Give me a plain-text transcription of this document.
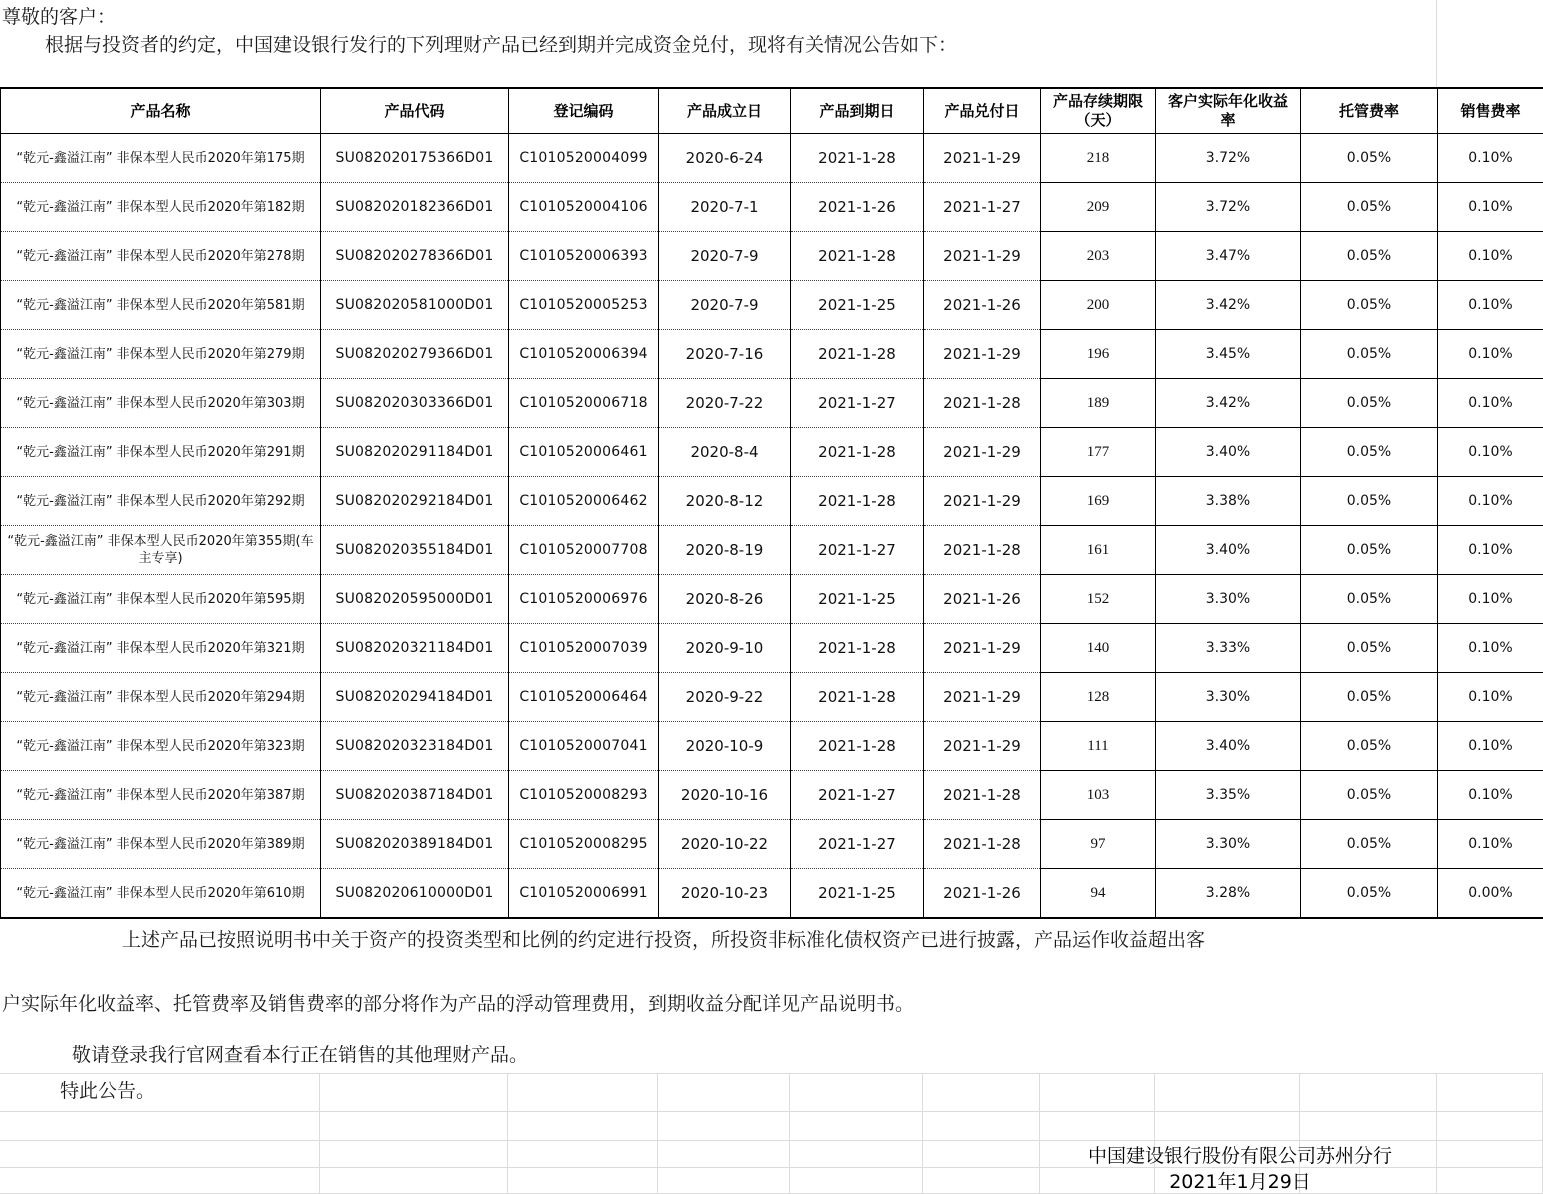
尊敬的客户：
根据与投资者的约定，中国建设银行发行的下列理财产品已经到期并完成资金兑付，现将有关情况公告如下：
产品名称	产品代码	登记编码	产品成立日	产品到期日	产品兑付日	产品存续期限（天）	客户实际年化收益率	托管费率	销售费率
“乾元-鑫溢江南” 非保本型人民币2020年第175期	SU082020175366D01	C1010520004099	2020-6-24	2021-1-28	2021-1-29	218	3.72%	0.05%	0.10%
“乾元-鑫溢江南” 非保本型人民币2020年第182期	SU082020182366D01	C1010520004106	2020-7-1	2021-1-26	2021-1-27	209	3.72%	0.05%	0.10%
“乾元-鑫溢江南” 非保本型人民币2020年第278期	SU082020278366D01	C1010520006393	2020-7-9	2021-1-28	2021-1-29	203	3.47%	0.05%	0.10%
“乾元-鑫溢江南” 非保本型人民币2020年第581期	SU082020581000D01	C1010520005253	2020-7-9	2021-1-25	2021-1-26	200	3.42%	0.05%	0.10%
“乾元-鑫溢江南” 非保本型人民币2020年第279期	SU082020279366D01	C1010520006394	2020-7-16	2021-1-28	2021-1-29	196	3.45%	0.05%	0.10%
“乾元-鑫溢江南” 非保本型人民币2020年第303期	SU082020303366D01	C1010520006718	2020-7-22	2021-1-27	2021-1-28	189	3.42%	0.05%	0.10%
“乾元-鑫溢江南” 非保本型人民币2020年第291期	SU082020291184D01	C1010520006461	2020-8-4	2021-1-28	2021-1-29	177	3.40%	0.05%	0.10%
“乾元-鑫溢江南” 非保本型人民币2020年第292期	SU082020292184D01	C1010520006462	2020-8-12	2021-1-28	2021-1-29	169	3.38%	0.05%	0.10%
“乾元-鑫溢江南” 非保本型人民币2020年第355期(车主专享)	SU082020355184D01	C1010520007708	2020-8-19	2021-1-27	2021-1-28	161	3.40%	0.05%	0.10%
“乾元-鑫溢江南” 非保本型人民币2020年第595期	SU082020595000D01	C1010520006976	2020-8-26	2021-1-25	2021-1-26	152	3.30%	0.05%	0.10%
“乾元-鑫溢江南” 非保本型人民币2020年第321期	SU082020321184D01	C1010520007039	2020-9-10	2021-1-28	2021-1-29	140	3.33%	0.05%	0.10%
“乾元-鑫溢江南” 非保本型人民币2020年第294期	SU082020294184D01	C1010520006464	2020-9-22	2021-1-28	2021-1-29	128	3.30%	0.05%	0.10%
“乾元-鑫溢江南” 非保本型人民币2020年第323期	SU082020323184D01	C1010520007041	2020-10-9	2021-1-28	2021-1-29	111	3.40%	0.05%	0.10%
“乾元-鑫溢江南” 非保本型人民币2020年第387期	SU082020387184D01	C1010520008293	2020-10-16	2021-1-27	2021-1-28	103	3.35%	0.05%	0.10%
“乾元-鑫溢江南” 非保本型人民币2020年第389期	SU082020389184D01	C1010520008295	2020-10-22	2021-1-27	2021-1-28	97	3.30%	0.05%	0.10%
“乾元-鑫溢江南” 非保本型人民币2020年第610期	SU082020610000D01	C1010520006991	2020-10-23	2021-1-25	2021-1-26	94	3.28%	0.05%	0.00%
上述产品已按照说明书中关于资产的投资类型和比例的约定进行投资，所投资非标准化债权资产已进行披露，产品运作收益超出客
户实际年化收益率、托管费率及销售费率的部分将作为产品的浮动管理费用，到期收益分配详见产品说明书。
敬请登录我行官网查看本行正在销售的其他理财产品。
特此公告。
中国建设银行股份有限公司苏州分行
2021年1月29日
